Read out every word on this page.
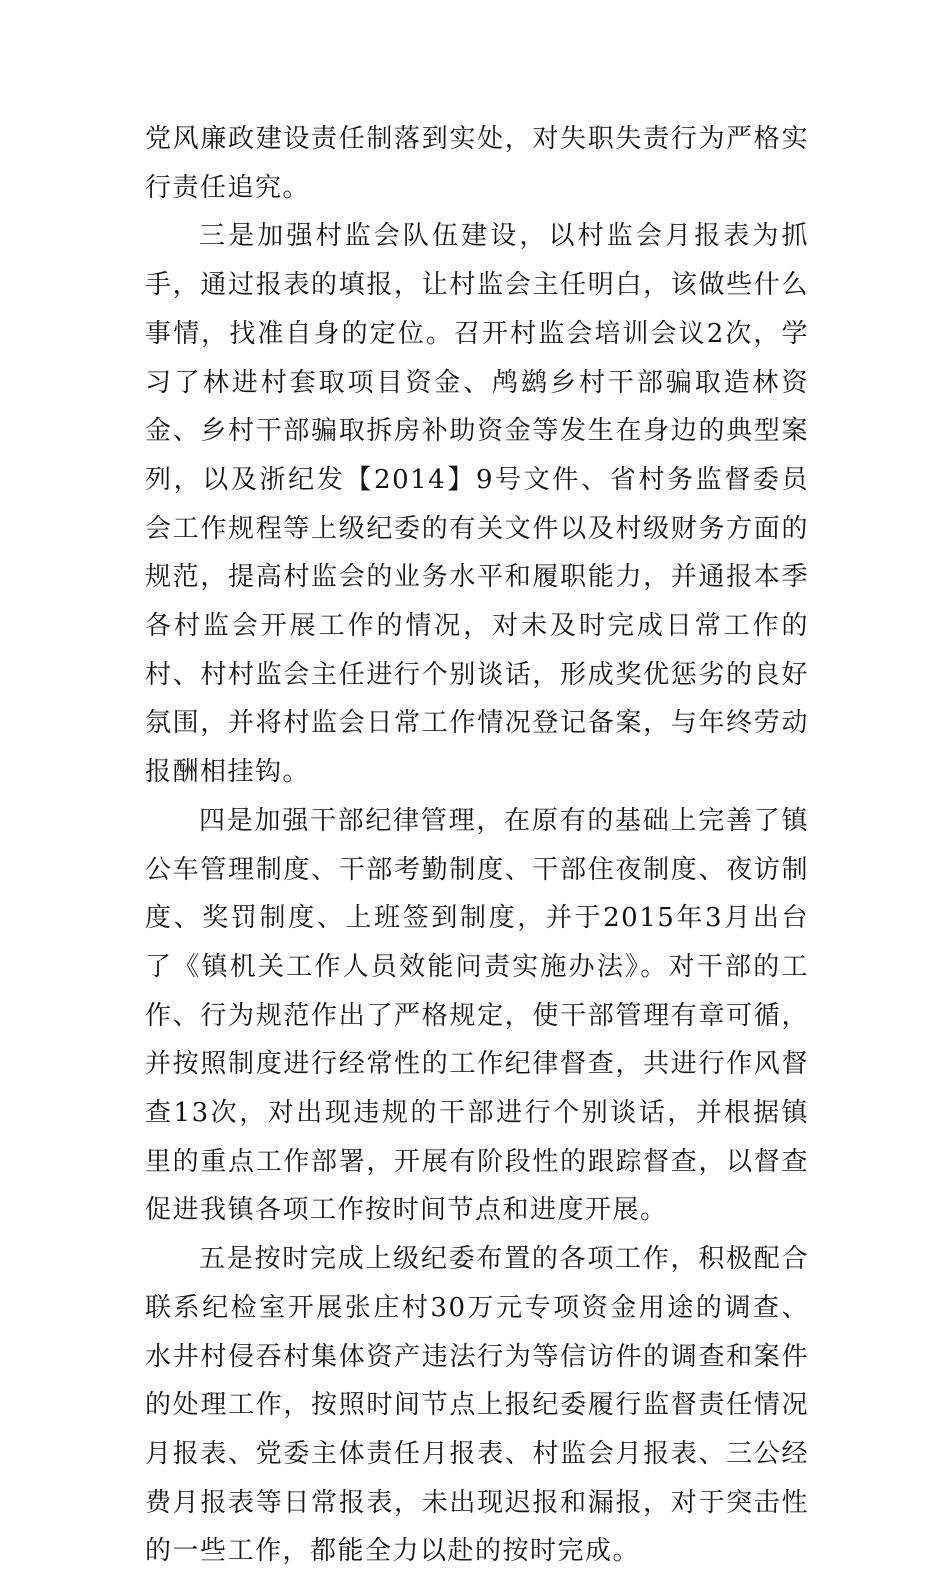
党风廉政建设责任制落到实处，对失职失责行为严格实行责任追究。

三是加强村监会队伍建设，以村监会月报表为抓手，通过报表的填报，让村监会主任明白，该做些什么事情，找准自身的定位。召开村监会培训会议2次，学习了林进村套取项目资金、鸬鹚乡村干部骗取造林资金、乡村干部骗取拆房补助资金等发生在身边的典型案列，以及浙纪发【2014】9号文件、省村务监督委员会工作规程等上级纪委的有关文件以及村级财务方面的规范，提高村监会的业务水平和履职能力，并通报本季各村监会开展工作的情况，对未及时完成日常工作的村、村村监会主任进行个别谈话，形成奖优惩劣的良好氛围，并将村监会日常工作情况登记备案，与年终劳动报酬相挂钩。

四是加强干部纪律管理，在原有的基础上完善了镇公车管理制度、干部考勤制度、干部住夜制度、夜访制度、奖罚制度、上班签到制度，并于2015年3月出台了《镇机关工作人员效能问责实施办法》。对干部的工作、行为规范作出了严格规定，使干部管理有章可循，并按照制度进行经常性的工作纪律督查，共进行作风督查13次，对出现违规的干部进行个别谈话，并根据镇里的重点工作部署，开展有阶段性的跟踪督查，以督查促进我镇各项工作按时间节点和进度开展。

五是按时完成上级纪委布置的各项工作，积极配合联系纪检室开展张庄村30万元专项资金用途的调查、水井村侵吞村集体资产违法行为等信访件的调查和案件的处理工作，按照时间节点上报纪委履行监督责任情况月报表、党委主体责任月报表、村监会月报表、三公经费月报表等日常报表，未出现迟报和漏报，对于突击性的一些工作，都能全力以赴的按时完成。
